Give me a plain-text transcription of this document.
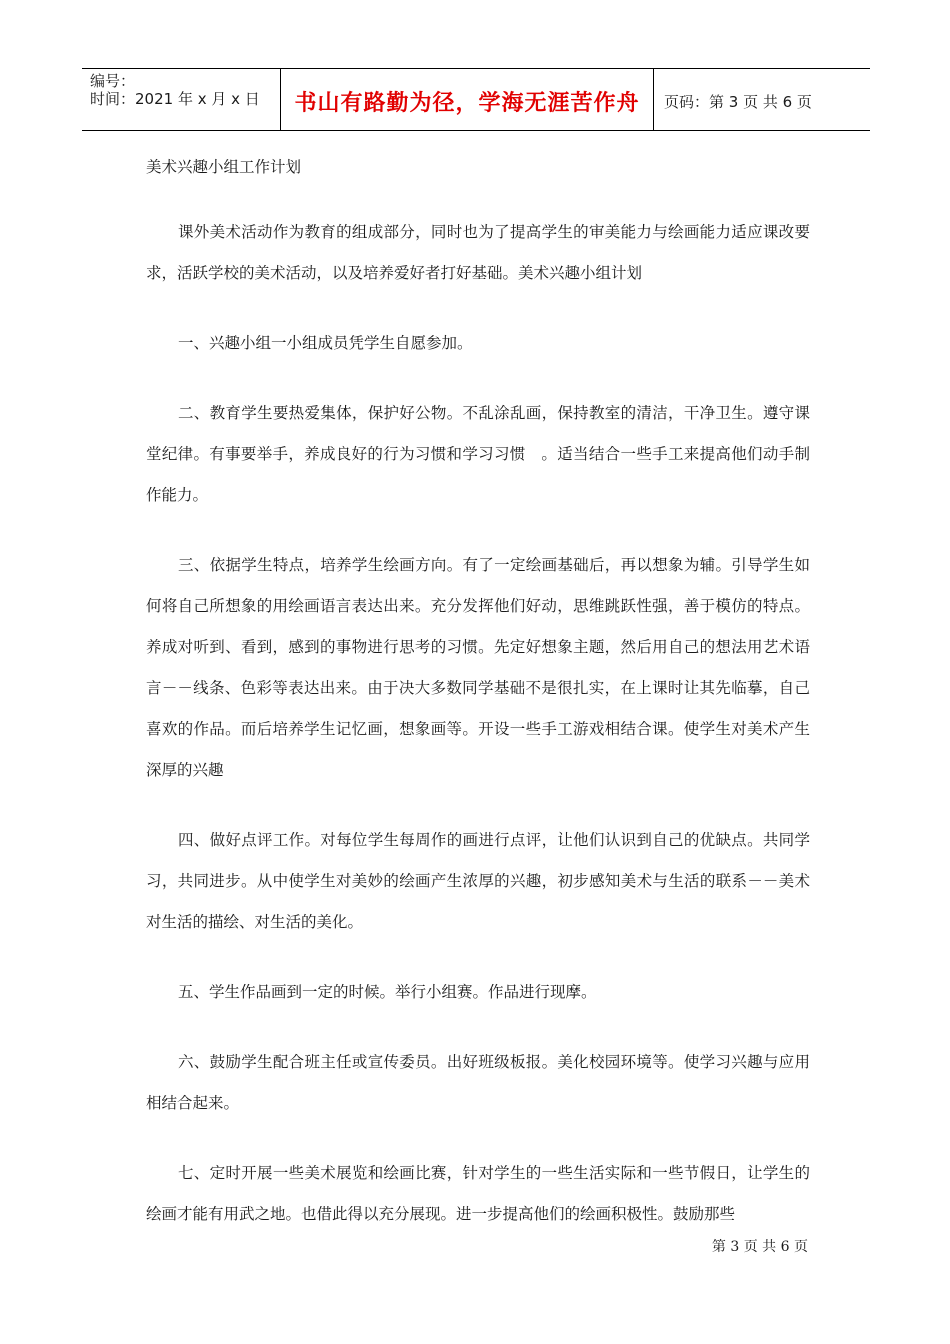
编号：
时间：2021 年 x 月 x 日	书山有路勤为径，学海无涯苦作舟	页码：第 3 页 共 6 页
美术兴趣小组工作计划

课外美术活动作为教育的组成部分，同时也为了提高学生的审美能力与绘画能力适应课改要求，活跃学校的美术活动，以及培养爱好者打好基础。美术兴趣小组计划

一、兴趣小组一小组成员凭学生自愿参加。

二、教育学生要热爱集体，保护好公物。不乱涂乱画，保持教室的清洁，干净卫生。遵守课堂纪律。有事要举手，养成良好的行为习惯和学习习惯　。适当结合一些手工来提高他们动手制作能力。

三、依据学生特点，培养学生绘画方向。有了一定绘画基础后，再以想象为辅。引导学生如何将自己所想象的用绘画语言表达出来。充分发挥他们好动，思维跳跃性强，善于模仿的特点。养成对听到、看到，感到的事物进行思考的习惯。先定好想象主题，然后用自己的想法用艺术语言－－线条、色彩等表达出来。由于决大多数同学基础不是很扎实，在上课时让其先临摹，自己喜欢的作品。而后培养学生记忆画，想象画等。开设一些手工游戏相结合课。使学生对美术产生深厚的兴趣

四、做好点评工作。对每位学生每周作的画进行点评，让他们认识到自己的优缺点。共同学习，共同进步。从中使学生对美妙的绘画产生浓厚的兴趣，初步感知美术与生活的联系－－美术对生活的描绘、对生活的美化。

五、学生作品画到一定的时候。举行小组赛。作品进行现摩。

六、鼓励学生配合班主任或宣传委员。出好班级板报。美化校园环境等。使学习兴趣与应用相结合起来。

七、定时开展一些美术展览和绘画比赛，针对学生的一些生活实际和一些节假日，让学生的绘画才能有用武之地。也借此得以充分展现。进一步提高他们的绘画积极性。鼓励那些

第 3 页 共 6 页
